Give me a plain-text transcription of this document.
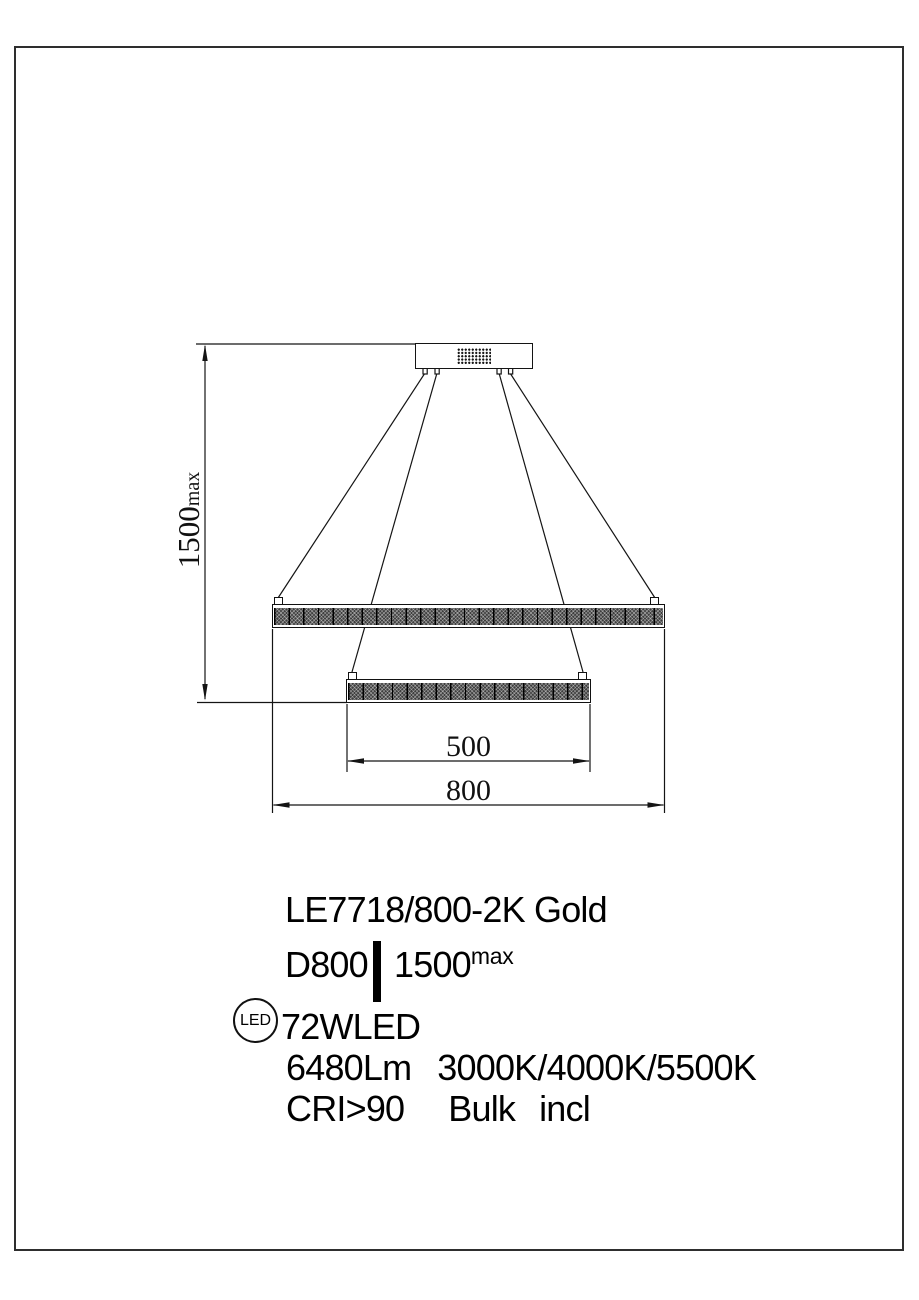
1500max
500
800
LE7718/800-2K Gold
D800 $1500^{max}$

LED 72WLED
6480Lm 3000K/4000K/5500K

CRI>90 Bulk incl
